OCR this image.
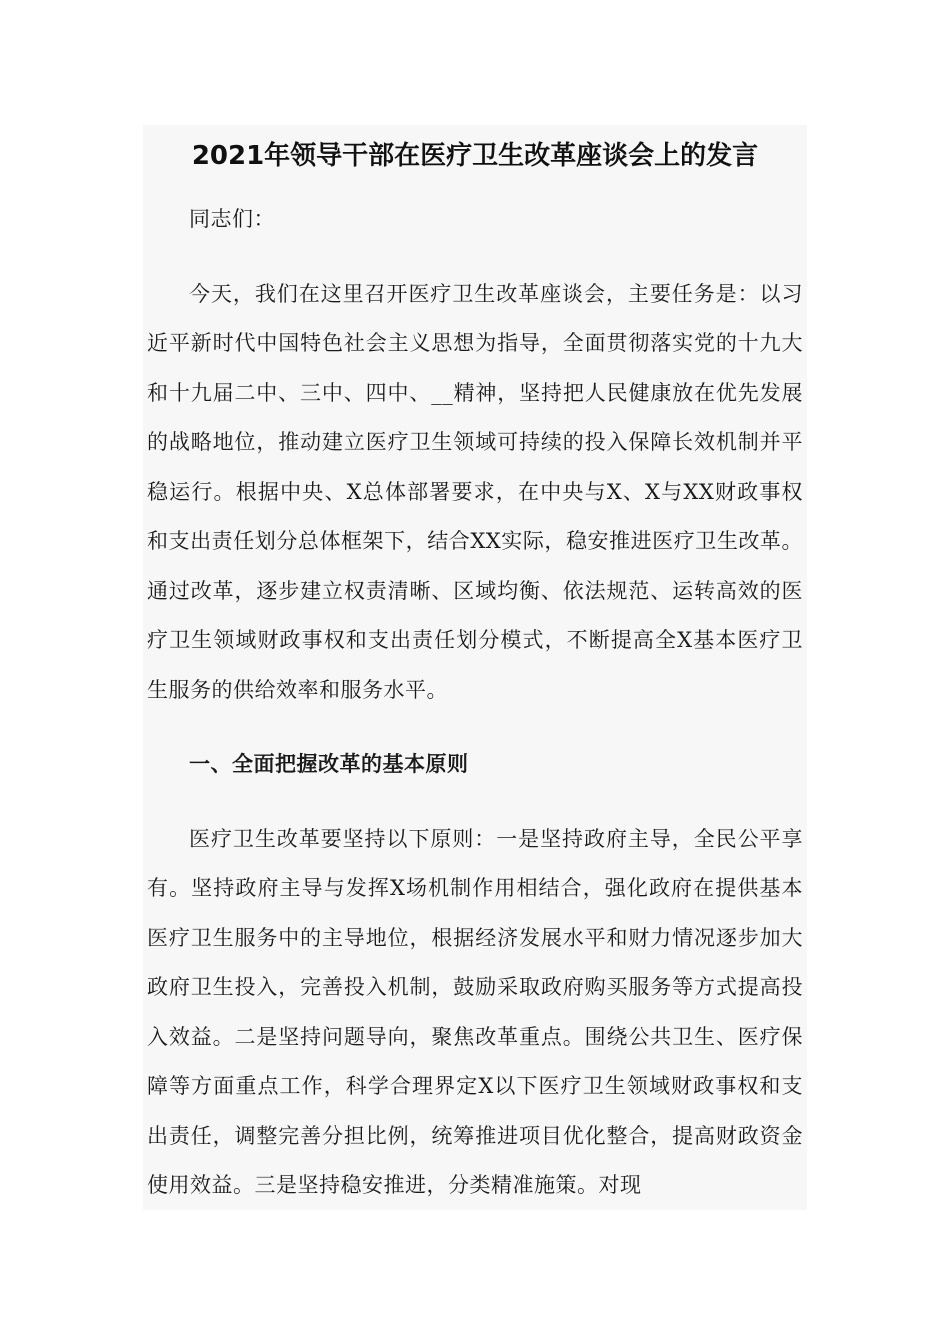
2021年领导干部在医疗卫生改革座谈会上的发言

同志们：

今天，我们在这里召开医疗卫生改革座谈会，主要任务是：以习近平新时代中国特色社会主义思想为指导，全面贯彻落实党的十九大和十九届二中、三中、四中、__精神，坚持把人民健康放在优先发展的战略地位，推动建立医疗卫生领域可持续的投入保障长效机制并平稳运行。根据中央、X总体部署要求，在中央与X、X与XX财政事权和支出责任划分总体框架下，结合XX实际，稳安推进医疗卫生改革。通过改革，逐步建立权责清晰、区域均衡、依法规范、运转高效的医疗卫生领域财政事权和支出责任划分模式，不断提高全X基本医疗卫生服务的供给效率和服务水平。

一、全面把握改革的基本原则

医疗卫生改革要坚持以下原则：一是坚持政府主导，全民公平享有。坚持政府主导与发挥X场机制作用相结合，强化政府在提供基本医疗卫生服务中的主导地位，根据经济发展水平和财力情况逐步加大政府卫生投入，完善投入机制，鼓励采取政府购买服务等方式提高投入效益。二是坚持问题导向，聚焦改革重点。围绕公共卫生、医疗保障等方面重点工作，科学合理界定X以下医疗卫生领域财政事权和支出责任，调整完善分担比例，统筹推进项目优化整合，提高财政资金使用效益。三是坚持稳安推进，分类精准施策。对现
